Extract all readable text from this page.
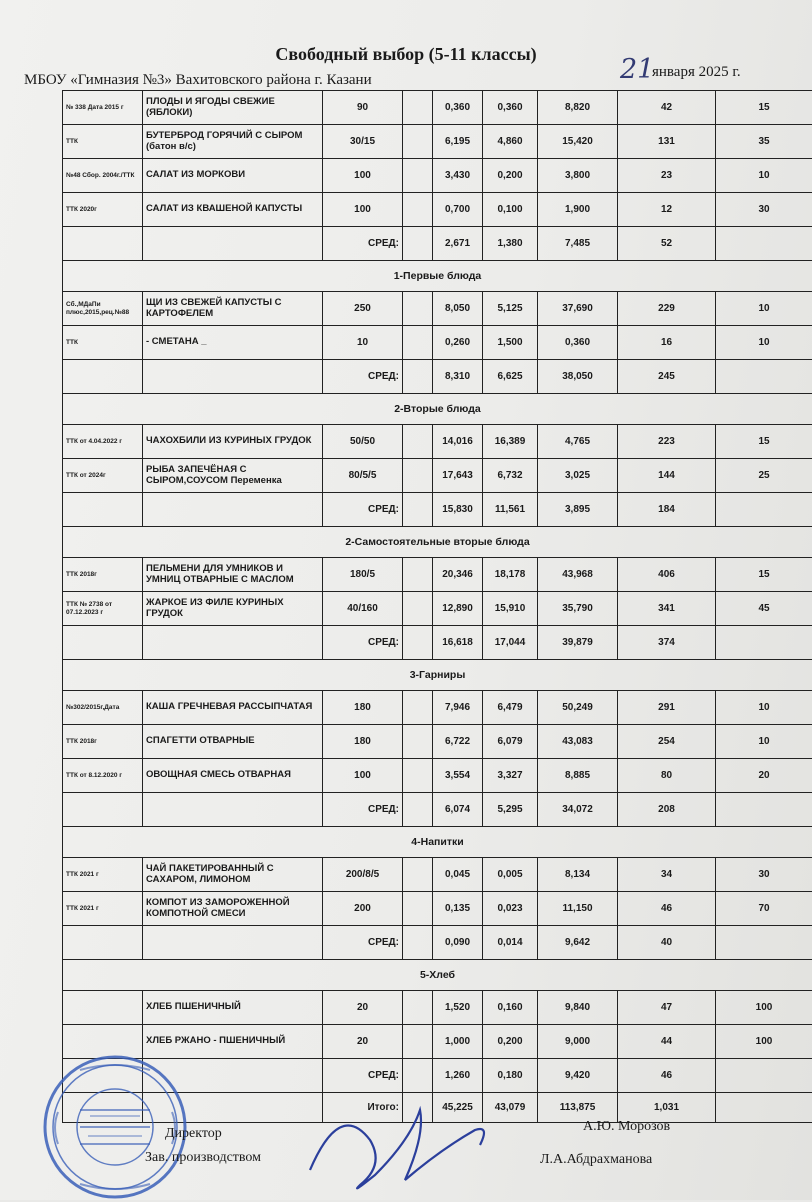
Свободный выбор (5-11 классы)
МБОУ «Гимназия №3» Вахитовского района г. Казани	21
января 2025 г.
№ 338 Дата 2015 г	ПЛОДЫ И ЯГОДЫ СВЕЖИЕ (ЯБЛОКИ)	90		0,360	0,360	8,820	42	15
ТТК	БУТЕРБРОД ГОРЯЧИЙ С СЫРОМ (батон в/с)	30/15		6,195	4,860	15,420	131	35
№48 Сбор. 2004г./ТТК	САЛАТ ИЗ МОРКОВИ	100		3,430	0,200	3,800	23	10
ТТК 2020г	САЛАТ ИЗ КВАШЕНОЙ КАПУСТЫ	100		0,700	0,100	1,900	12	30
		СРЕД:		2,671	1,380	7,485	52	
1-Первые блюда								
Сб.,МДаПи плюс,2015,рец.№88	ЩИ ИЗ СВЕЖЕЙ КАПУСТЫ С КАРТОФЕЛЕМ	250		8,050	5,125	37,690	229	10
ТТК	- СМЕТАНА _	10		0,260	1,500	0,360	16	10
		СРЕД:		8,310	6,625	38,050	245	
2-Вторые блюда								
ТТК от 4.04.2022 г	ЧАХОХБИЛИ ИЗ КУРИНЫХ ГРУДОК	50/50		14,016	16,389	4,765	223	15
ТТК от 2024г	РЫБА ЗАПЕЧЁНАЯ С СЫРОМ,СОУСОМ Переменка	80/5/5		17,643	6,732	3,025	144	25
		СРЕД:		15,830	11,561	3,895	184	
2-Самостоятельные вторые блюда								
ТТК 2018г	ПЕЛЬМЕНИ ДЛЯ УМНИКОВ И УМНИЦ ОТВАРНЫЕ С МАСЛОМ	180/5		20,346	18,178	43,968	406	15
ТТК № 2738 от 07.12.2023 г	ЖАРКОЕ ИЗ ФИЛЕ КУРИНЫХ ГРУДОК	40/160		12,890	15,910	35,790	341	45
		СРЕД:		16,618	17,044	39,879	374	
3-Гарниры								
№302/2015г,Дата	КАША ГРЕЧНЕВАЯ РАССЫПЧАТАЯ	180		7,946	6,479	50,249	291	10
ТТК 2018г	СПАГЕТТИ ОТВАРНЫЕ	180		6,722	6,079	43,083	254	10
ТТК от 8.12.2020 г	ОВОЩНАЯ СМЕСЬ ОТВАРНАЯ	100		3,554	3,327	8,885	80	20
		СРЕД:		6,074	5,295	34,072	208	
4-Напитки								
ТТК 2021 г	ЧАЙ ПАКЕТИРОВАННЫЙ С САХАРОМ, ЛИМОНОМ	200/8/5		0,045	0,005	8,134	34	30
ТТК 2021 г	КОМПОТ ИЗ ЗАМОРОЖЕННОЙ КОМПОТНОЙ СМЕСИ	200		0,135	0,023	11,150	46	70
		СРЕД:		0,090	0,014	9,642	40	
5-Хлеб								
	ХЛЕБ ПШЕНИЧНЫЙ	20		1,520	0,160	9,840	47	100
	ХЛЕБ РЖАНО - ПШЕНИЧНЫЙ	20		1,000	0,200	9,000	44	100
		СРЕД:		1,260	0,180	9,420	46	
		Итого:		45,225	43,079	113,875	1,031	
Директор	А.Ю. Морозов
Зав. производством	Л.А.Абдрахманова
